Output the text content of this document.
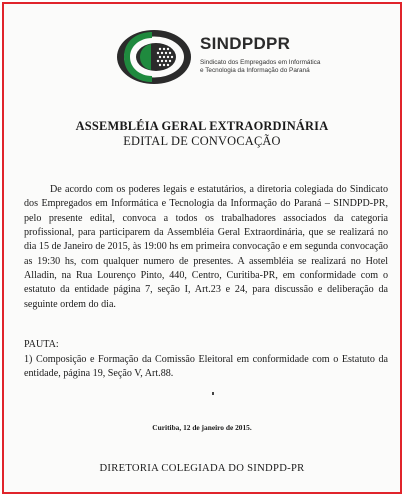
SINDPDPR
Sindicato dos Empregados em Informática
e Tecnologia da Informação do Paraná
ASSEMBLÉIA GERAL EXTRAORDINÁRIA
EDITAL DE CONVOCAÇÃO
De acordo com os poderes legais e estatutários, a diretoria colegiada do Sindicato dos Empregados em Informática e Tecnologia da Informação do Paraná – SINDPD-PR, pelo presente edital, convoca a todos os trabalhadores associados da categoria profissional, para participarem da Assembléia Geral Extraordinária, que se realizará no dia 15 de Janeiro de 2015, às 19:00 hs em primeira convocação e em segunda convocação as 19:30 hs, com qualquer numero de presentes. A assembléia se realizará no Hotel Alladin, na Rua Lourenço Pinto, 440, Centro, Curitiba-PR, em conformidade com o estatuto da entidade página 7, seção I, Art.23 e 24, para discussão e deliberação da seguinte ordem do dia.
PAUTA:
1) Composição e Formação da Comissão Eleitoral em conformidade com o Estatuto da entidade, página 19, Seção V, Art.88.
Curitiba, 12 de janeiro de 2015.
DIRETORIA COLEGIADA DO SINDPD-PR
